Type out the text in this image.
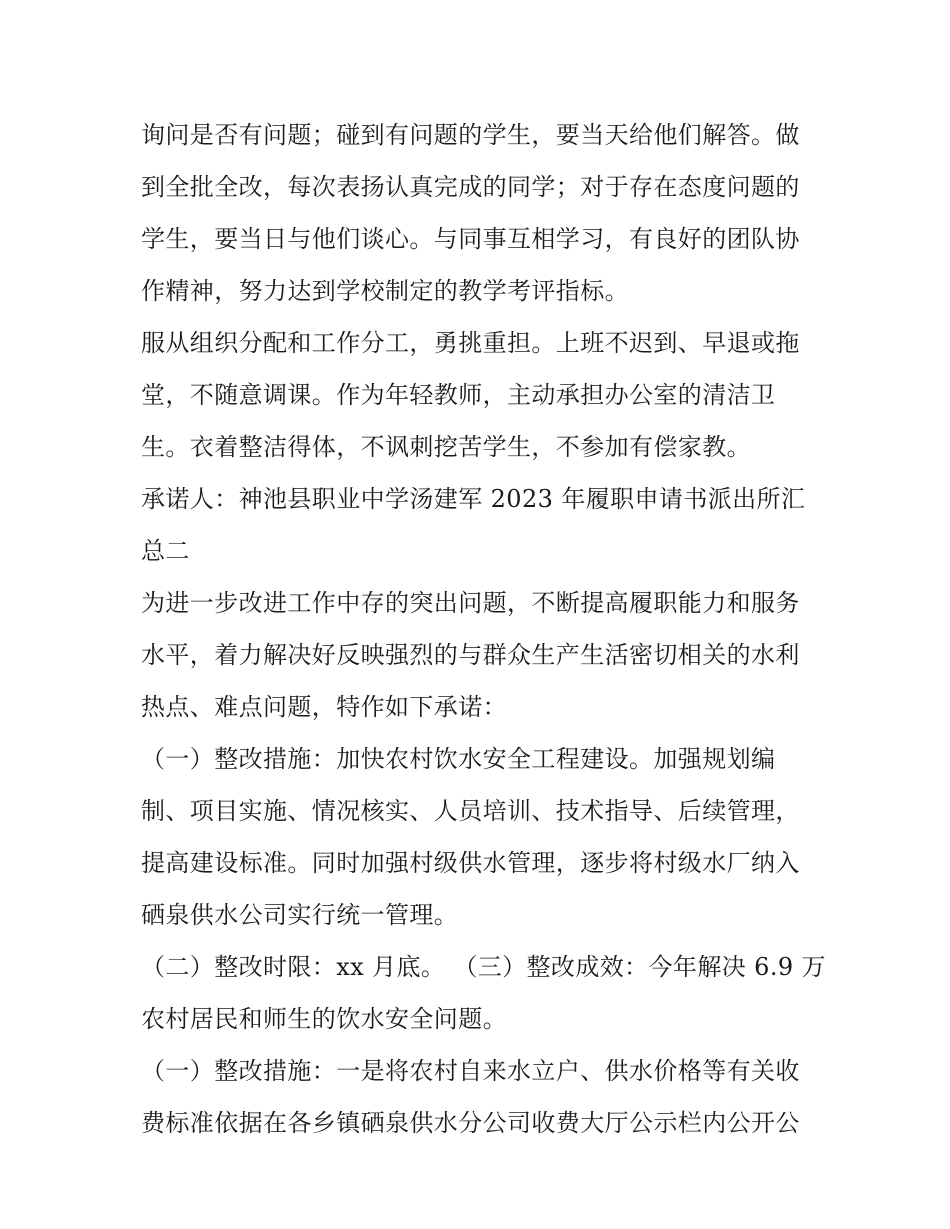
询问是否有问题；碰到有问题的学生，要当天给他们解答。做
到全批全改，每次表扬认真完成的同学；对于存在态度问题的
学生，要当日与他们谈心。与同事互相学习，有良好的团队协
作精神，努力达到学校制定的教学考评指标。
服从组织分配和工作分工，勇挑重担。上班不迟到、早退或拖
堂，不随意调课。作为年轻教师，主动承担办公室的清洁卫
生。衣着整洁得体，不讽刺挖苦学生，不参加有偿家教。
承诺人：神池县职业中学汤建军 2023 年履职申请书派出所汇
总二
为进一步改进工作中存的突出问题，不断提高履职能力和服务
水平，着力解决好反映强烈的与群众生产生活密切相关的水利
热点、难点问题，特作如下承诺：
（一）整改措施：加快农村饮水安全工程建设。加强规划编
制、项目实施、情况核实、人员培训、技术指导、后续管理，
提高建设标准。同时加强村级供水管理，逐步将村级水厂纳入
硒泉供水公司实行统一管理。
（二）整改时限：xx 月底。 （三）整改成效：今年解决 6.9 万
农村居民和师生的饮水安全问题。
（一）整改措施：一是将农村自来水立户、供水价格等有关收
费标准依据在各乡镇硒泉供水分公司收费大厅公示栏内公开公
